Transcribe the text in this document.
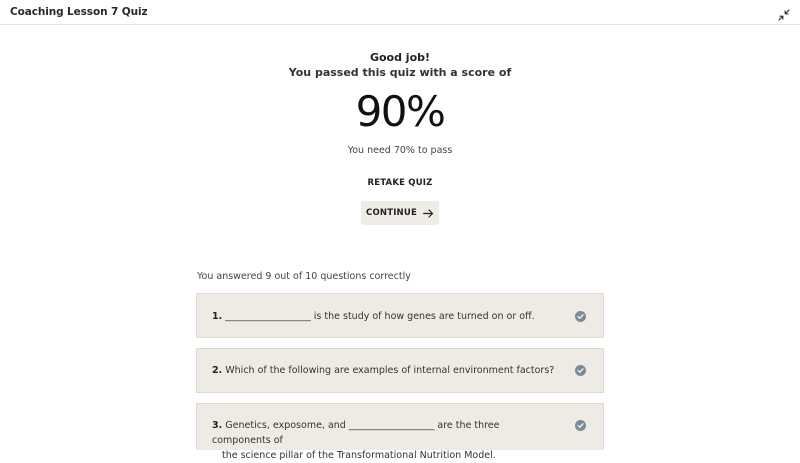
Coaching Lesson 7 Quiz
Good job!
You passed this quiz with a score of
90%
You need 70% to pass
RETAKE QUIZ
CONTINUE
You answered 9 out of 10 questions correctly
1. __________________ is the study of how genes are turned on or off.
2. Which of the following are examples of internal environment factors?
3. Genetics, exposome, and __________________ are the three components of
the science pillar of the Transformational Nutrition Model.
